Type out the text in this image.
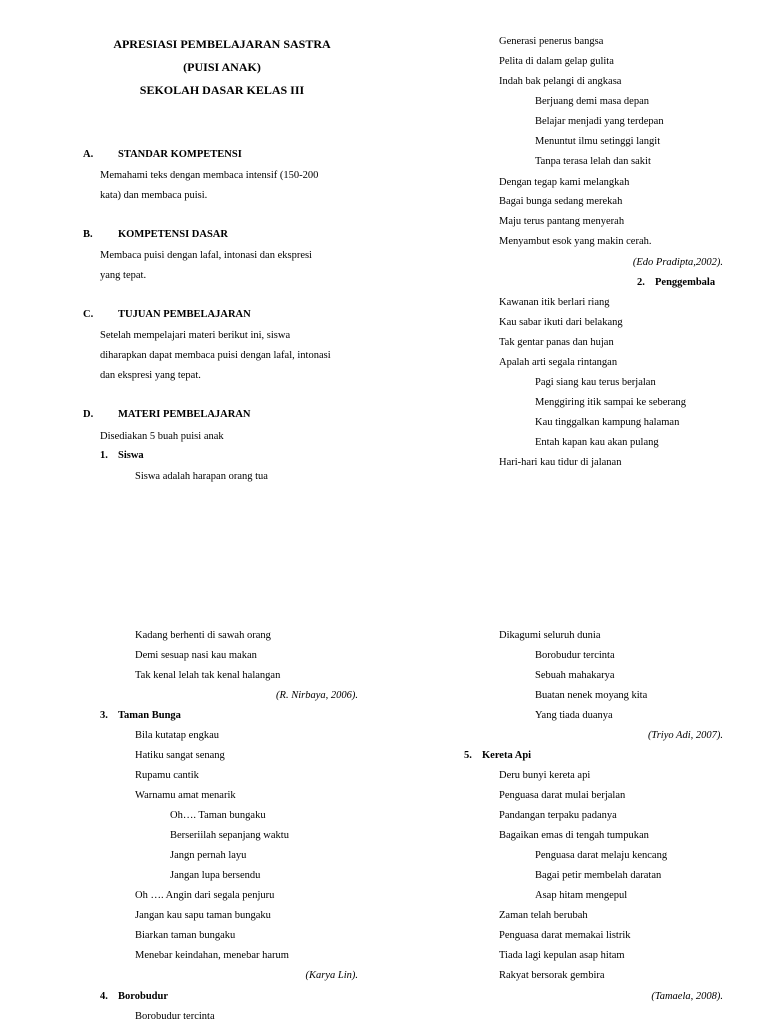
APRESIASI PEMBELAJARAN SASTRA
(PUISI ANAK)
SEKOLAH DASAR KELAS III
A. STANDAR KOMPETENSI
Memahami teks dengan membaca intensif (150-200
kata) dan membaca puisi.
B. KOMPETENSI DASAR
Membaca puisi dengan lafal, intonasi dan ekspresi
yang tepat.
C. TUJUAN PEMBELAJARAN
Setelah mempelajari materi berikut ini, siswa
diharapkan dapat membaca puisi dengan lafal, intonasi
dan ekspresi yang tepat.
D. MATERI PEMBELAJARAN
Disediakan 5 buah puisi anak
1. Siswa
Siswa adalah harapan orang tua
Generasi penerus bangsa
Pelita di dalam gelap gulita
Indah bak pelangi di angkasa
Berjuang demi masa depan
Belajar menjadi yang terdepan
Menuntut ilmu setinggi langit
Tanpa terasa lelah dan sakit
Dengan tegap kami melangkah
Bagai bunga sedang merekah
Maju terus pantang menyerah
Menyambut esok yang makin cerah.
(Edo Pradipta,2002).
2. Penggembala
Kawanan itik berlari riang
Kau sabar ikuti dari belakang
Tak gentar panas dan hujan
Apalah arti segala rintangan
Pagi siang kau terus berjalan
Menggiring itik sampai ke seberang
Kau tinggalkan kampung halaman
Entah kapan kau akan pulang
Hari-hari kau tidur di jalanan
Kadang berhenti di sawah orang
Demi sesuap nasi kau makan
Tak kenal lelah tak kenal halangan
(R. Nirbaya, 2006).
3. Taman Bunga
Bila kutatap engkau
Hatiku sangat senang
Rupamu cantik
Warnamu amat menarik
Oh…. Taman bungaku
Berseriilah sepanjang waktu
Jangn pernah layu
Jangan lupa bersendu
Oh …. Angin dari segala penjuru
Jangan kau sapu taman bungaku
Biarkan taman bungaku
Menebar keindahan, menebar harum
(Karya Lin).
4. Borobudur
Borobudur tercinta
Dikagumi seluruh dunia
Borobudur tercinta
Sebuah mahakarya
Buatan nenek moyang kita
Yang tiada duanya
(Triyo Adi, 2007).
5. Kereta Api
Deru bunyi kereta api
Penguasa darat mulai berjalan
Pandangan terpaku padanya
Bagaikan emas di tengah tumpukan
Penguasa darat melaju kencang
Bagai petir membelah daratan
Asap hitam mengepul
Zaman telah berubah
Penguasa darat memakai listrik
Tiada lagi kepulan asap hitam
Rakyat bersorak gembira
(Tamaela, 2008).
